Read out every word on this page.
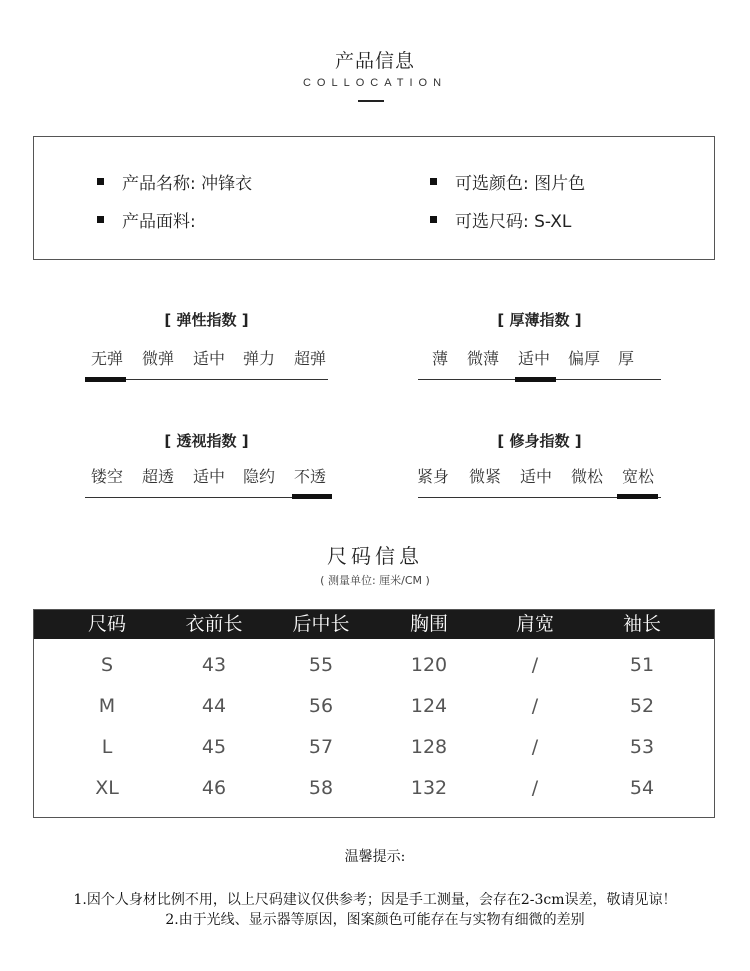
产品信息
COLLOCATION
产品名称: 冲锋衣
产品面料:
可选颜色: 图片色
可选尺码: S-XL
[ 弹性指数 ]
无弹	微弹	适中	弹力	超弹
[ 厚薄指数 ]
薄	微薄	适中	偏厚	厚
[ 透视指数 ]
镂空	超透	适中	隐约	不透
[ 修身指数 ]
紧身	微紧	适中	微松	宽松
尺码信息
( 测量单位: 厘米/CM )
尺码	衣前长	后中长	胸围	肩宽	袖长
S	43	55	120	/	51
M	44	56	124	/	52
L	45	57	128	/	53
XL	46	58	132	/	54
温馨提示:
1.因个人身材比例不用，以上尺码建议仅供参考；因是手工测量，会存在2-3cm误差，敬请见谅！
2.由于光线、显示器等原因，图案颜色可能存在与实物有细微的差别
